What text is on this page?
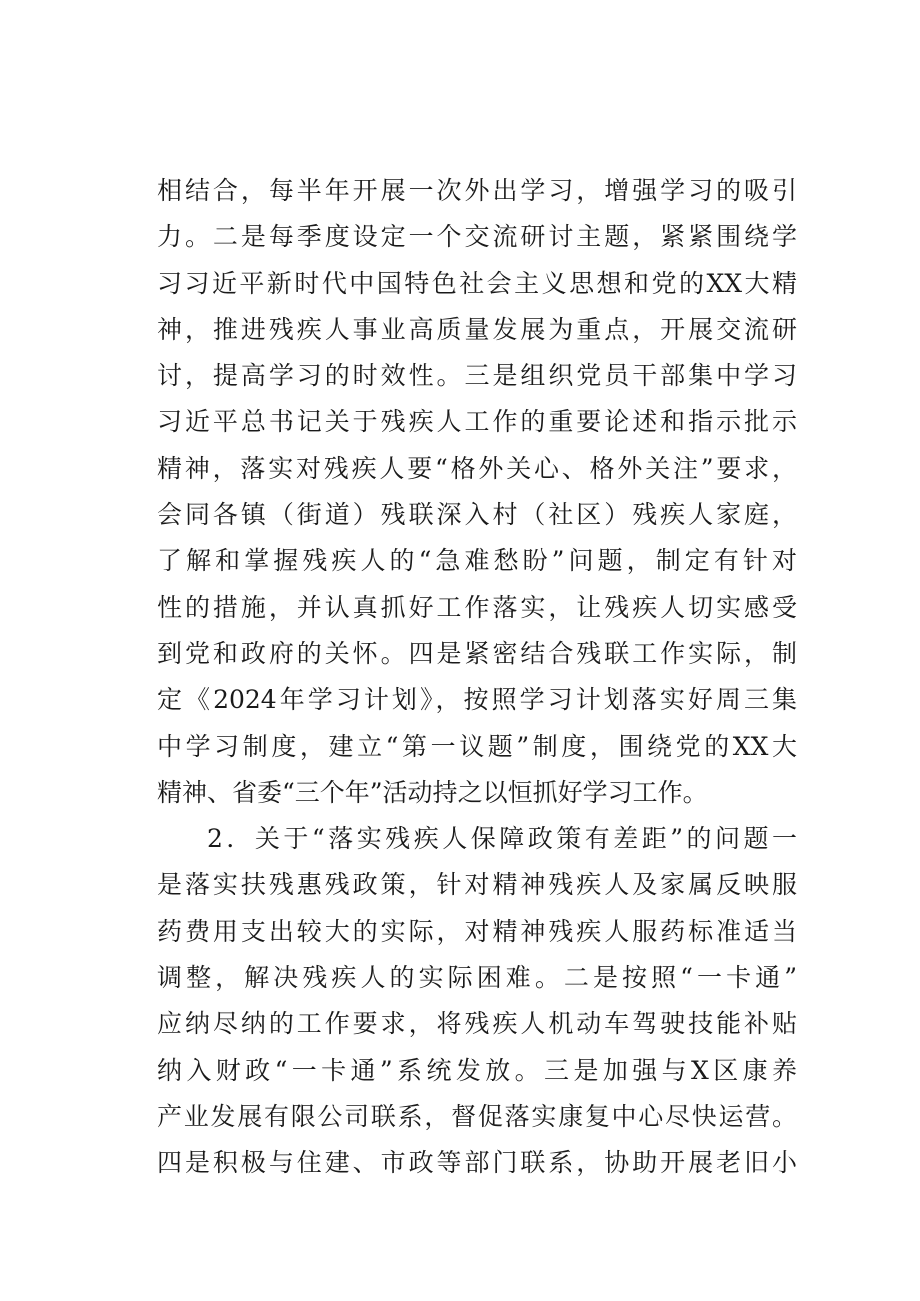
相结合，每半年开展一次外出学习，增强学习的吸引
力。二是每季度设定一个交流研讨主题，紧紧围绕学
习习近平新时代中国特色社会主义思想和党的XX大精
神，推进残疾人事业高质量发展为重点，开展交流研
讨，提高学习的时效性。三是组织党员干部集中学习
习近平总书记关于残疾人工作的重要论述和指示批示
精神，落实对残疾人要“格外关心、格外关注”要求，
会同各镇（街道）残联深入村（社区）残疾人家庭，
了解和掌握残疾人的“急难愁盼”问题，制定有针对
性的措施，并认真抓好工作落实，让残疾人切实感受
到党和政府的关怀。四是紧密结合残联工作实际，制
定《2024年学习计划》，按照学习计划落实好周三集
中学习制度，建立“第一议题”制度，围绕党的XX大
精神、省委“三个年”活动持之以恒抓好学习工作。
2．关于“落实残疾人保障政策有差距”的问题一
是落实扶残惠残政策，针对精神残疾人及家属反映服
药费用支出较大的实际，对精神残疾人服药标准适当
调整，解决残疾人的实际困难。二是按照“一卡通”
应纳尽纳的工作要求，将残疾人机动车驾驶技能补贴
纳入财政“一卡通”系统发放。三是加强与X区康养
产业发展有限公司联系，督促落实康复中心尽快运营。
四是积极与住建、市政等部门联系，协助开展老旧小
